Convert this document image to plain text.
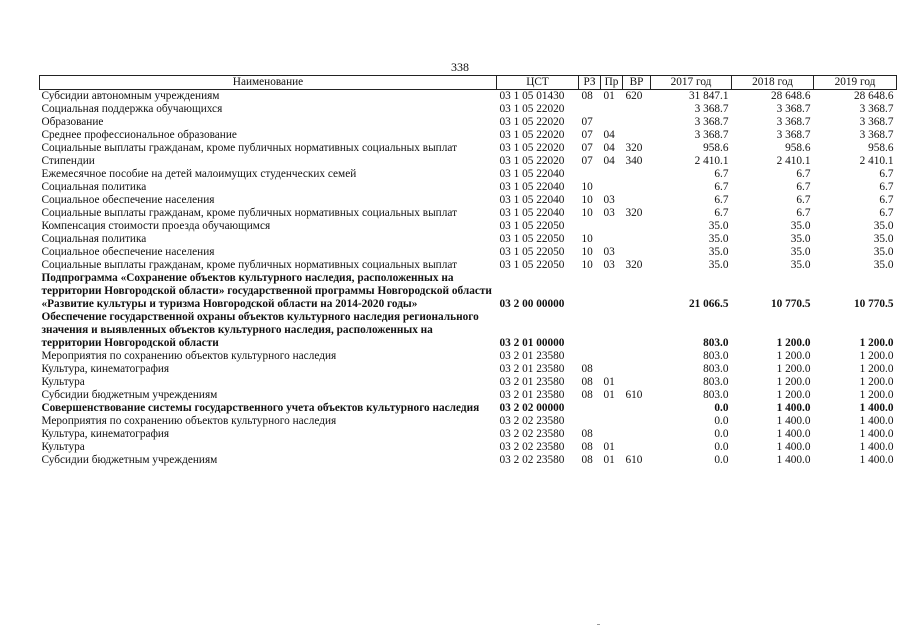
338
Наименование	ЦСТ	РЗ	Пр	ВР	2017 год	2018 год	2019 год
Субсидии автономным учреждениям	03 1 05 01430	08	01	620	31 847.1	28 648.6	28 648.6
Социальная поддержка обучающихся	03 1 05 22020				3 368.7	3 368.7	3 368.7
Образование	03 1 05 22020	07			3 368.7	3 368.7	3 368.7
Среднее профессиональное образование	03 1 05 22020	07	04		3 368.7	3 368.7	3 368.7
Социальные выплаты гражданам, кроме публичных нормативных социальных выплат	03 1 05 22020	07	04	320	958.6	958.6	958.6
Стипендии	03 1 05 22020	07	04	340	2 410.1	2 410.1	2 410.1
Ежемесячное пособие на детей малоимущих студенческих семей	03 1 05 22040				6.7	6.7	6.7
Социальная политика	03 1 05 22040	10			6.7	6.7	6.7
Социальное обеспечение населения	03 1 05 22040	10	03		6.7	6.7	6.7
Социальные выплаты гражданам, кроме публичных нормативных социальных выплат	03 1 05 22040	10	03	320	6.7	6.7	6.7
Компенсация стоимости проезда обучающимся	03 1 05 22050				35.0	35.0	35.0
Социальная политика	03 1 05 22050	10			35.0	35.0	35.0
Социальное обеспечение населения	03 1 05 22050	10	03		35.0	35.0	35.0
Социальные выплаты гражданам, кроме публичных нормативных социальных выплат	03 1 05 22050	10	03	320	35.0	35.0	35.0
Подпрограмма «Сохранение объектов культурного наследия, расположенных на территории Новгородской области» государственной программы Новгородской области «Развитие культуры и туризма Новгородской области на 2014-2020 годы»	03 2 00 00000				21 066.5	10 770.5	10 770.5
Обеспечение государственной охраны объектов культурного наследия регионального значения и выявленных объектов культурного наследия, расположенных на территории Новгородской области	03 2 01 00000				803.0	1 200.0	1 200.0
Мероприятия по сохранению объектов культурного наследия	03 2 01 23580				803.0	1 200.0	1 200.0
Культура, кинематография	03 2 01 23580	08			803.0	1 200.0	1 200.0
Культура	03 2 01 23580	08	01		803.0	1 200.0	1 200.0
Субсидии бюджетным учреждениям	03 2 01 23580	08	01	610	803.0	1 200.0	1 200.0
Совершенствование системы государственного учета объектов культурного наследия	03 2 02 00000				0.0	1 400.0	1 400.0
Мероприятия по сохранению объектов культурного наследия	03 2 02 23580				0.0	1 400.0	1 400.0
Культура, кинематография	03 2 02 23580	08			0.0	1 400.0	1 400.0
Культура	03 2 02 23580	08	01		0.0	1 400.0	1 400.0
Субсидии бюджетным учреждениям	03 2 02 23580	08	01	610	0.0	1 400.0	1 400.0
